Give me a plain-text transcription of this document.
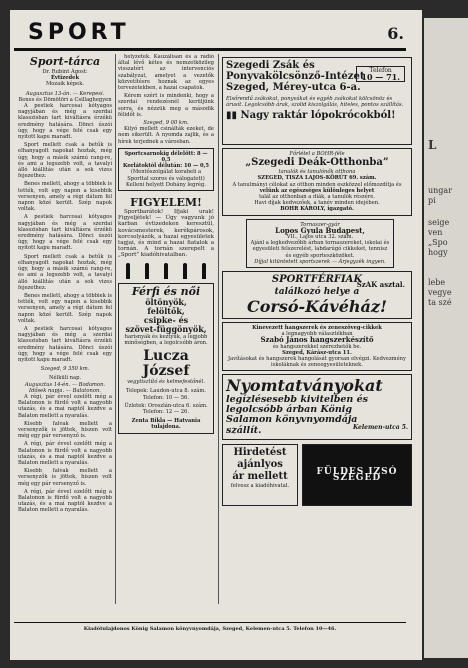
L
ungar
pi
seige
ven
„Spo
hogy
lebe
vegye
ta szé
SPORT	6.
Sport-tárca
Dr. Rubint Ágost:
Évtizedek
Mozaik képek.
Augusztus 13-án. — Kerepesi.
Benes és Dömötöri a Csillaghegyen

A pestiek harcosai kótyagos nagyjában és még a szerdai klasszisban tart kiváltásra érzékü eredmény hatására. Dönci úszói úgy, hogy a vége felé csak egy nyitott kapu maradt.

Sport mellett csak a betűk is elhanyagolt napokat hoztak, még úgy, hogy a másik számú rang-re, és ami a legszebb volt, a tavalyi álló kiállítás után a sok vizes fejezethez.

Benes mellett, ahogy a többiek is tették, volt egy napon a kisebbik versenyen, amely a régi dátum fel napon közé került. Szép napok voltak.

A pestiek harcosai kótyagos nagyjában és még a szerdai klasszisban tart kiváltásra érzékü eredmény hatására. Dönci úszói úgy, hogy a vége felé csak egy nyitott kapu maradt.

Sport mellett csak a betűk is elhanyagolt napokat hoztak, még úgy, hogy a másik számú rang-re, és ami a legszebb volt, a tavalyi álló kiállítás után a sok vizes fejezethez.

Benes mellett, ahogy a többiek is tették, volt egy napon a kisebbik versenyen, amely a régi dátum fel napon közé került. Szép napok voltak.

A pestiek harcosai kótyagos nagyjában és még a szerdai klasszisban tart kiváltásra érzékü eredmény hatására. Dönci úszói úgy, hogy a vége felé csak egy nyitott kapu maradt.

Szeged, 9 350 km.
Nélküli nap.
Augusztus 14-én. — Bodamon.
Idősek napja. — Balatonon.

A régi, pár évvel ezelőtt még a Balatonon is fürdő volt a nagyobb utazás, és a mai naptól kezdve a Balaton mellett a nyaralás.

Kisebb falvak mellett a versenyzők is jöttek, hiszen volt még egy pár versenyző is.

A régi, pár évvel ezelőtt még a Balatonon is fürdő volt a nagyobb utazás, és a mai naptól kezdve a Balaton mellett a nyaralás.

Kisebb falvak mellett a versenyzők is jöttek, hiszen volt még egy pár versenyző is.

A régi, pár évvel ezelőtt még a Balatonon is fürdő volt a nagyobb utazás, és a mai naptól kezdve a Balaton mellett a nyaralás.

helyzetek. Kauzálisan és a rádió által lévő kétes és nemzetközileg visszatért az intervenciós szabályzat, amelyet a vezetők közvetítésre hoznak az egyes tervezetekben, a hazai csapatok.

Kérem ezért is mindenki, hogy a szerdai rendezésnél kerüljünk sorra, és nézzük meg a második félidőt is.

Szeged, 9 00 km.

Kilyó mellett csinálták ezeket, de nem sikerült. A nyomda zajlik, és a hírek terjednek a városban.

Sportcsarnokig délelőtt: 8 — 0,5
Korlátoktól délután: 10 — 0,5
(Mentőszolgálat korabeli a Sporttal szoros és válogatott)
Kelleni helyett Dohány legrég.
FIGYELEM!

Sportbarátok! Ifjaki urak! Figyeljétek! — Úgy vagyunk jó karban évtizedeken keresztül, kovácsmesterek, kerékpárosok, korcsolyázók, a hazai egyesületek tagjai, és mind a hazai fiatalok a tornán. A tornán szerepelt a „Sport” kiadóhivatalban.

Férfi és női
öltönyök,
felöltők,
csipke- és
szövet-függönyök,
harisnyák és keztyűk, a legjobb minőségben, a legolcsóbb áron.
Lucza József
vegytisztító és kelmefestőnél.
Telepek: Laudon-utca 8. szám.
Telefon: 10 — 56.
Üzletek: Oroszlán-utca 6. szám.
Telefon: 12 — 26.
Zenta Bikla — Hatvania tulajdona.
Szegedi Zsák és Ponyvakölcsönző-Intézet
Szeged, Mérey-utca 6-a.
Telefon
10 — 71.
Elsőrendű zsákokat, ponyvákat és egyéb zsákokat kölcsönöz és árusít. Legolcsóbb árak, szolid kiszolgálás, hiteles, pontos szállítás.
▮▮ Nagy raktár lópokrócokból!
Főrlétel a BOHR-féle
„Szegedi Deák-Otthonba”
tanulók és tanulónők otthona
SZEGED, TISZA LAJOS-KÖRÚT 69. szám.
A tanulmányi célokat az otthon minden eszközzel előmozdítja és
velünk az egészséges különleges helyet
talál az otthonban a diák, a tanulók részére.
Havi díjak kedvezőek, a tanév minden idejében.
BOHR KÁROLY, igazgató.
Tornaszer-gyár
Lopos Gyula Budapest,
VII., Lajos utca 32. szám.
Ajánl a legkedvezőbb árban tornaszereket, iskolai és egyesületi felszerelést, labdarúgó cikkeket, tennisz és egyéb sporteszközöket.
Díjjal kitüntetett sportszerek — Árjegyzék ingyen.
SPORTFÉRFIAK
találkozó helye a
SzAK asztal.
Corsó-Kávéház!
Kinevezett hangszerek és zeneszöveg-cikkek
a legnagyobb választékban
Szabó János hangszerkészítő
és hangszerekkel szerezhetők be.
Szeged, Kárász-utca 11.
Javításokat és hangszerek hangolását gyorsan elvégzi. Kedvezmény iskoláknak és zeneegyesületeknek.
Nyomtatványokat
legízlésesebb kivitelben és
legolcsóbb árban König
Salamon könyvnyomdája
szállít.	Kelemen-utca 5.
Hirdetést
ajánlyos
ár mellett
felvesz a kiadóhivatal.
FÜLDES IZSÓ SZEGED
Kiadótulajdonos König Salamon könyvnyomdája, Szeged, Kelemen-utca 5. Telefon 10—46.
